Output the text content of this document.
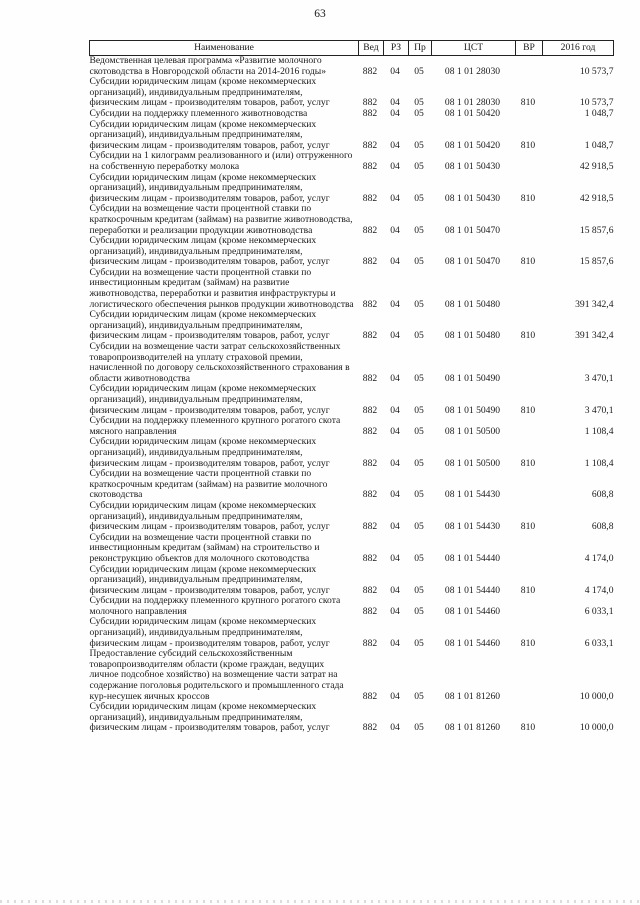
63
Наименование	Вед	РЗ	Пр	ЦСТ	ВР	2016 год
Ведомственная целевая программа «Развитие молочного скотоводства в Новгородской области на 2014-2016 годы»	882	04	05	08 1 01 28030		10 573,7
Субсидии юридическим лицам (кроме некоммерческих организаций), индивидуальным предпринимателям, физическим лицам - производителям товаров, работ, услуг	882	04	05	08 1 01 28030	810	10 573,7
Субсидии на поддержку племенного животноводства	882	04	05	08 1 01 50420		1 048,7
Субсидии юридическим лицам (кроме некоммерческих организаций), индивидуальным предпринимателям, физическим лицам - производителям товаров, работ, услуг	882	04	05	08 1 01 50420	810	1 048,7
Субсидии на 1 килограмм реализованного и (или) отгруженного на собственную переработку молока	882	04	05	08 1 01 50430		42 918,5
Субсидии юридическим лицам (кроме некоммерческих организаций), индивидуальным предпринимателям, физическим лицам - производителям товаров, работ, услуг	882	04	05	08 1 01 50430	810	42 918,5
Субсидии на возмещение части процентной ставки по краткосрочным кредитам (займам) на развитие животноводства, переработки и реализации продукции животноводства	882	04	05	08 1 01 50470		15 857,6
Субсидии юридическим лицам (кроме некоммерческих организаций), индивидуальным предпринимателям, физическим лицам - производителям товаров, работ, услуг	882	04	05	08 1 01 50470	810	15 857,6
Субсидии на возмещение части процентной ставки по инвестиционным кредитам (займам) на развитие животноводства, переработки и развития инфраструктуры и логистического обеспечения рынков продукции животноводства	882	04	05	08 1 01 50480		391 342,4
Субсидии юридическим лицам (кроме некоммерческих организаций), индивидуальным предпринимателям, физическим лицам - производителям товаров, работ, услуг	882	04	05	08 1 01 50480	810	391 342,4
Субсидии на возмещение части затрат сельскохозяйственных товаропроизводителей на уплату страховой премии, начисленной по договору сельскохозяйственного страхования в области животноводства	882	04	05	08 1 01 50490		3 470,1
Субсидии юридическим лицам (кроме некоммерческих организаций), индивидуальным предпринимателям, физическим лицам - производителям товаров, работ, услуг	882	04	05	08 1 01 50490	810	3 470,1
Субсидии на поддержку племенного крупного рогатого скота мясного направления	882	04	05	08 1 01 50500		1 108,4
Субсидии юридическим лицам (кроме некоммерческих организаций), индивидуальным предпринимателям, физическим лицам - производителям товаров, работ, услуг	882	04	05	08 1 01 50500	810	1 108,4
Субсидии на возмещение части процентной ставки по краткосрочным кредитам (займам) на развитие молочного скотоводства	882	04	05	08 1 01 54430		608,8
Субсидии юридическим лицам (кроме некоммерческих организаций), индивидуальным предпринимателям, физическим лицам - производителям товаров, работ, услуг	882	04	05	08 1 01 54430	810	608,8
Субсидии на возмещение части процентной ставки по инвестиционным кредитам (займам) на строительство и реконструкцию объектов для молочного скотоводства	882	04	05	08 1 01 54440		4 174,0
Субсидии юридическим лицам (кроме некоммерческих организаций), индивидуальным предпринимателям, физическим лицам - производителям товаров, работ, услуг	882	04	05	08 1 01 54440	810	4 174,0
Субсидии на поддержку племенного крупного рогатого скота молочного направления	882	04	05	08 1 01 54460		6 033,1
Субсидии юридическим лицам (кроме некоммерческих организаций), индивидуальным предпринимателям, физическим лицам - производителям товаров, работ, услуг	882	04	05	08 1 01 54460	810	6 033,1
Предоставление субсидий сельскохозяйственным товаропроизводителям области (кроме граждан, ведущих личное подсобное хозяйство) на возмещение части затрат на содержание поголовья родительского и промышленного стада кур-несушек яичных кроссов	882	04	05	08 1 01 81260		10 000,0
Субсидии юридическим лицам (кроме некоммерческих организаций), индивидуальным предпринимателям, физическим лицам - производителям товаров, работ, услуг	882	04	05	08 1 01 81260	810	10 000,0
